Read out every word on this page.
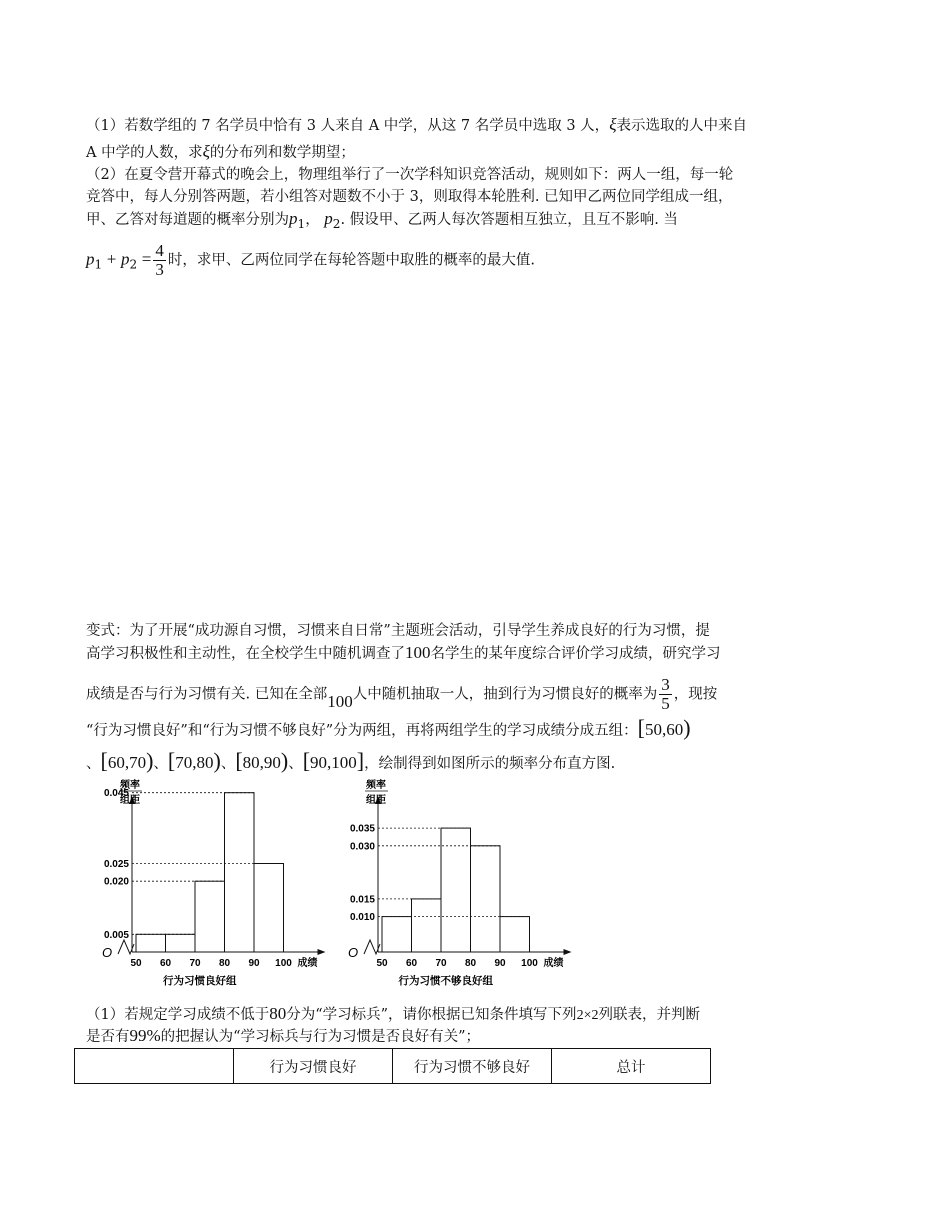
（1）若数学组的 7 名学员中恰有 3 人来自 A 中学，从这 7 名学员中选取 3 人，ξ表示选取的人中来自
A 中学的人数，求ξ的分布列和数学期望；
（2）在夏令营开幕式的晚会上，物理组举行了一次学科知识竞答活动，规则如下：两人一组，每一轮
竞答中，每人分别答两题，若小组答对题数不小于 3，则取得本轮胜利. 已知甲乙两位同学组成一组，
甲、乙答对每道题的概率分别为$p_1$， $p_2$. 假设甲、乙两人每次答题相互独立，且互不影响. 当
$p_1 + p_2 = \frac{4}{3}$ 时，求甲、乙两位同学在每轮答题中取胜的概率的最大值.
变式：为了开展“成功源自习惯，习惯来自日常”主题班会活动，引导学生养成良好的行为习惯，提
高学习积极性和主动性，在全校学生中随机调查了100名学生的某年度综合评价学习成绩，研究学习
成绩是否与行为习惯有关. 已知在全部100人中随机抽取一人，抽到行为习惯良好的概率为 $\frac{3}{5}$ ，现按
“行为习惯良好”和“行为习惯不够良好”分为两组，再将两组学生的学习成绩分成五组：[50,60)
、[60,70)、[70,80)、[80,90)、[90,100]，绘制得到如图所示的频率分布直方图.
O
频率
组距
0.045
0.025
0.020
0.005
50 60 70 80 90 100 成绩
行为习惯良好组
O
频率
组距
0.035
0.030
0.015
0.010
50 60 70 80 90 100 成绩
行为习惯不够良好组
（1）若规定学习成绩不低于80分为“学习标兵”，请你根据已知条件填写下列2×2列联表，并判断
是否有99%的把握认为“学习标兵与行为习惯是否良好有关”；
	行为习惯良好	行为习惯不够良好	总计
